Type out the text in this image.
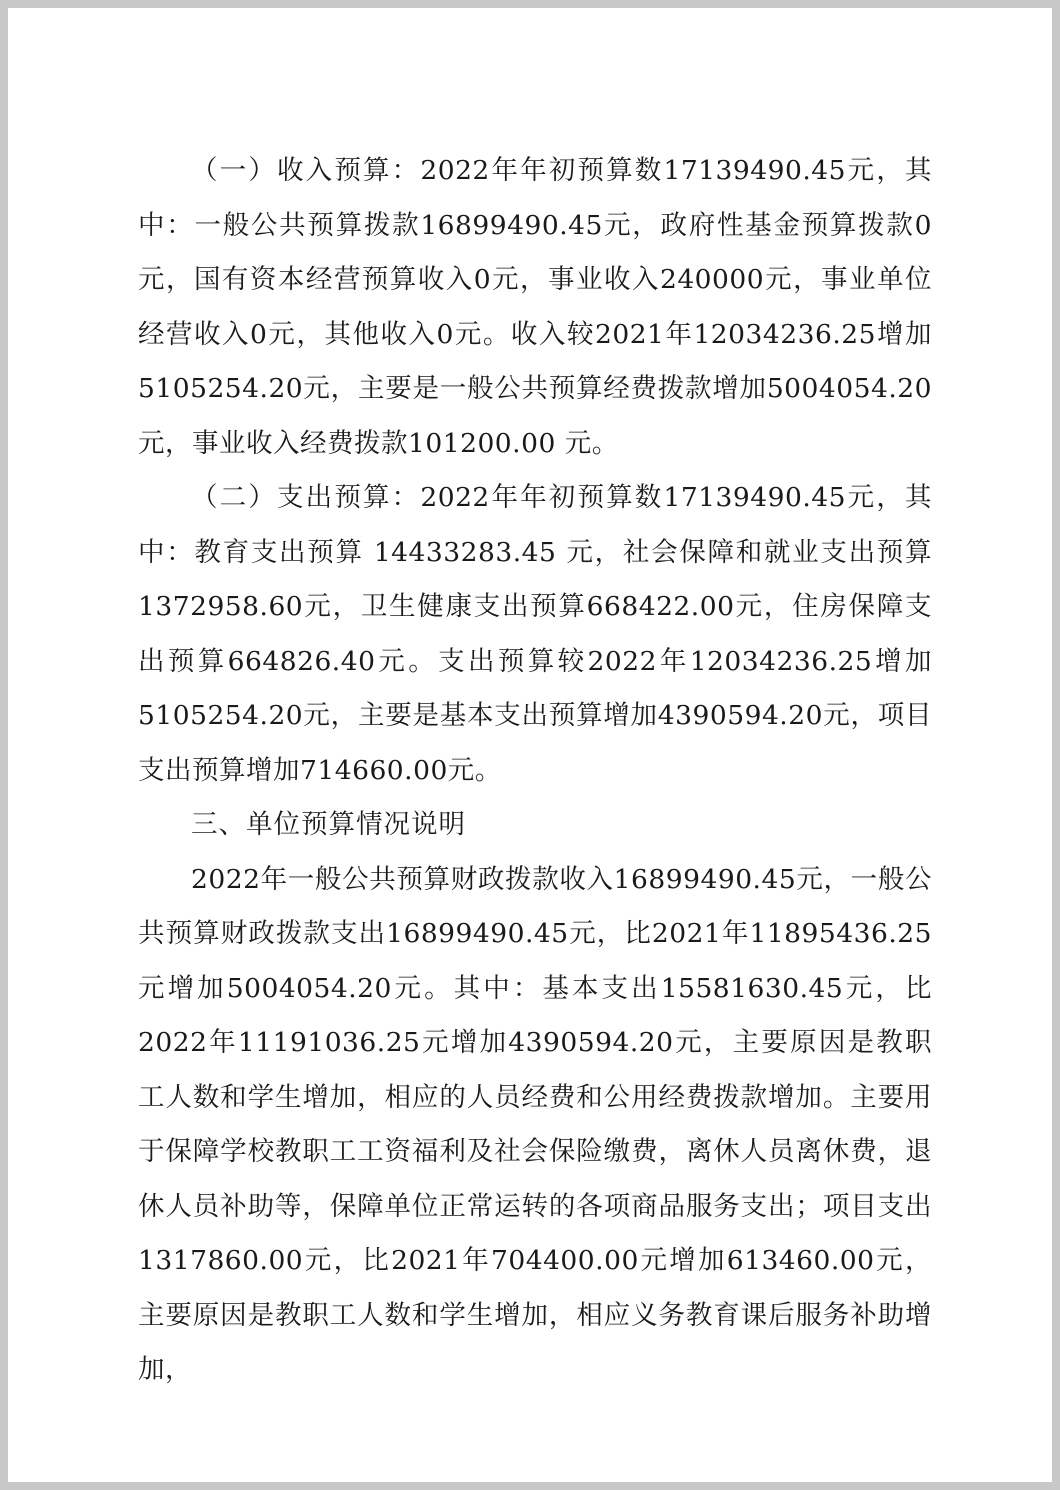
（一）收入预算：2022年年初预算数17139490.45元，其中：一般公共预算拨款16899490.45元，政府性基金预算拨款0元，国有资本经营预算收入0元，事业收入240000元，事业单位经营收入0元，其他收入0元。收入较2021年12034236.25增加5105254.20元，主要是一般公共预算经费拨款增加5004054.20 元，事业收入经费拨款101200.00 元。

（二）支出预算：2022年年初预算数17139490.45元，其中：教育支出预算 14433283.45 元，社会保障和就业支出预算1372958.60元，卫生健康支出预算668422.00元，住房保障支出预算664826.40元。支出预算较2022年12034236.25增加5105254.20元，主要是基本支出预算增加4390594.20元，项目支出预算增加714660.00元。

三、单位预算情况说明

2022年一般公共预算财政拨款收入16899490.45元，一般公共预算财政拨款支出16899490.45元，比2021年11895436.25元增加5004054.20元。其中：基本支出15581630.45元，比2022年11191036.25元增加4390594.20元，主要原因是教职工人数和学生增加，相应的人员经费和公用经费拨款增加。主要用于保障学校教职工工资福利及社会保险缴费，离休人员离休费，退休人员补助等，保障单位正常运转的各项商品服务支出；项目支出1317860.00元，比2021年704400.00元增加613460.00元，主要原因是教职工人数和学生增加，相应义务教育课后服务补助增加，
